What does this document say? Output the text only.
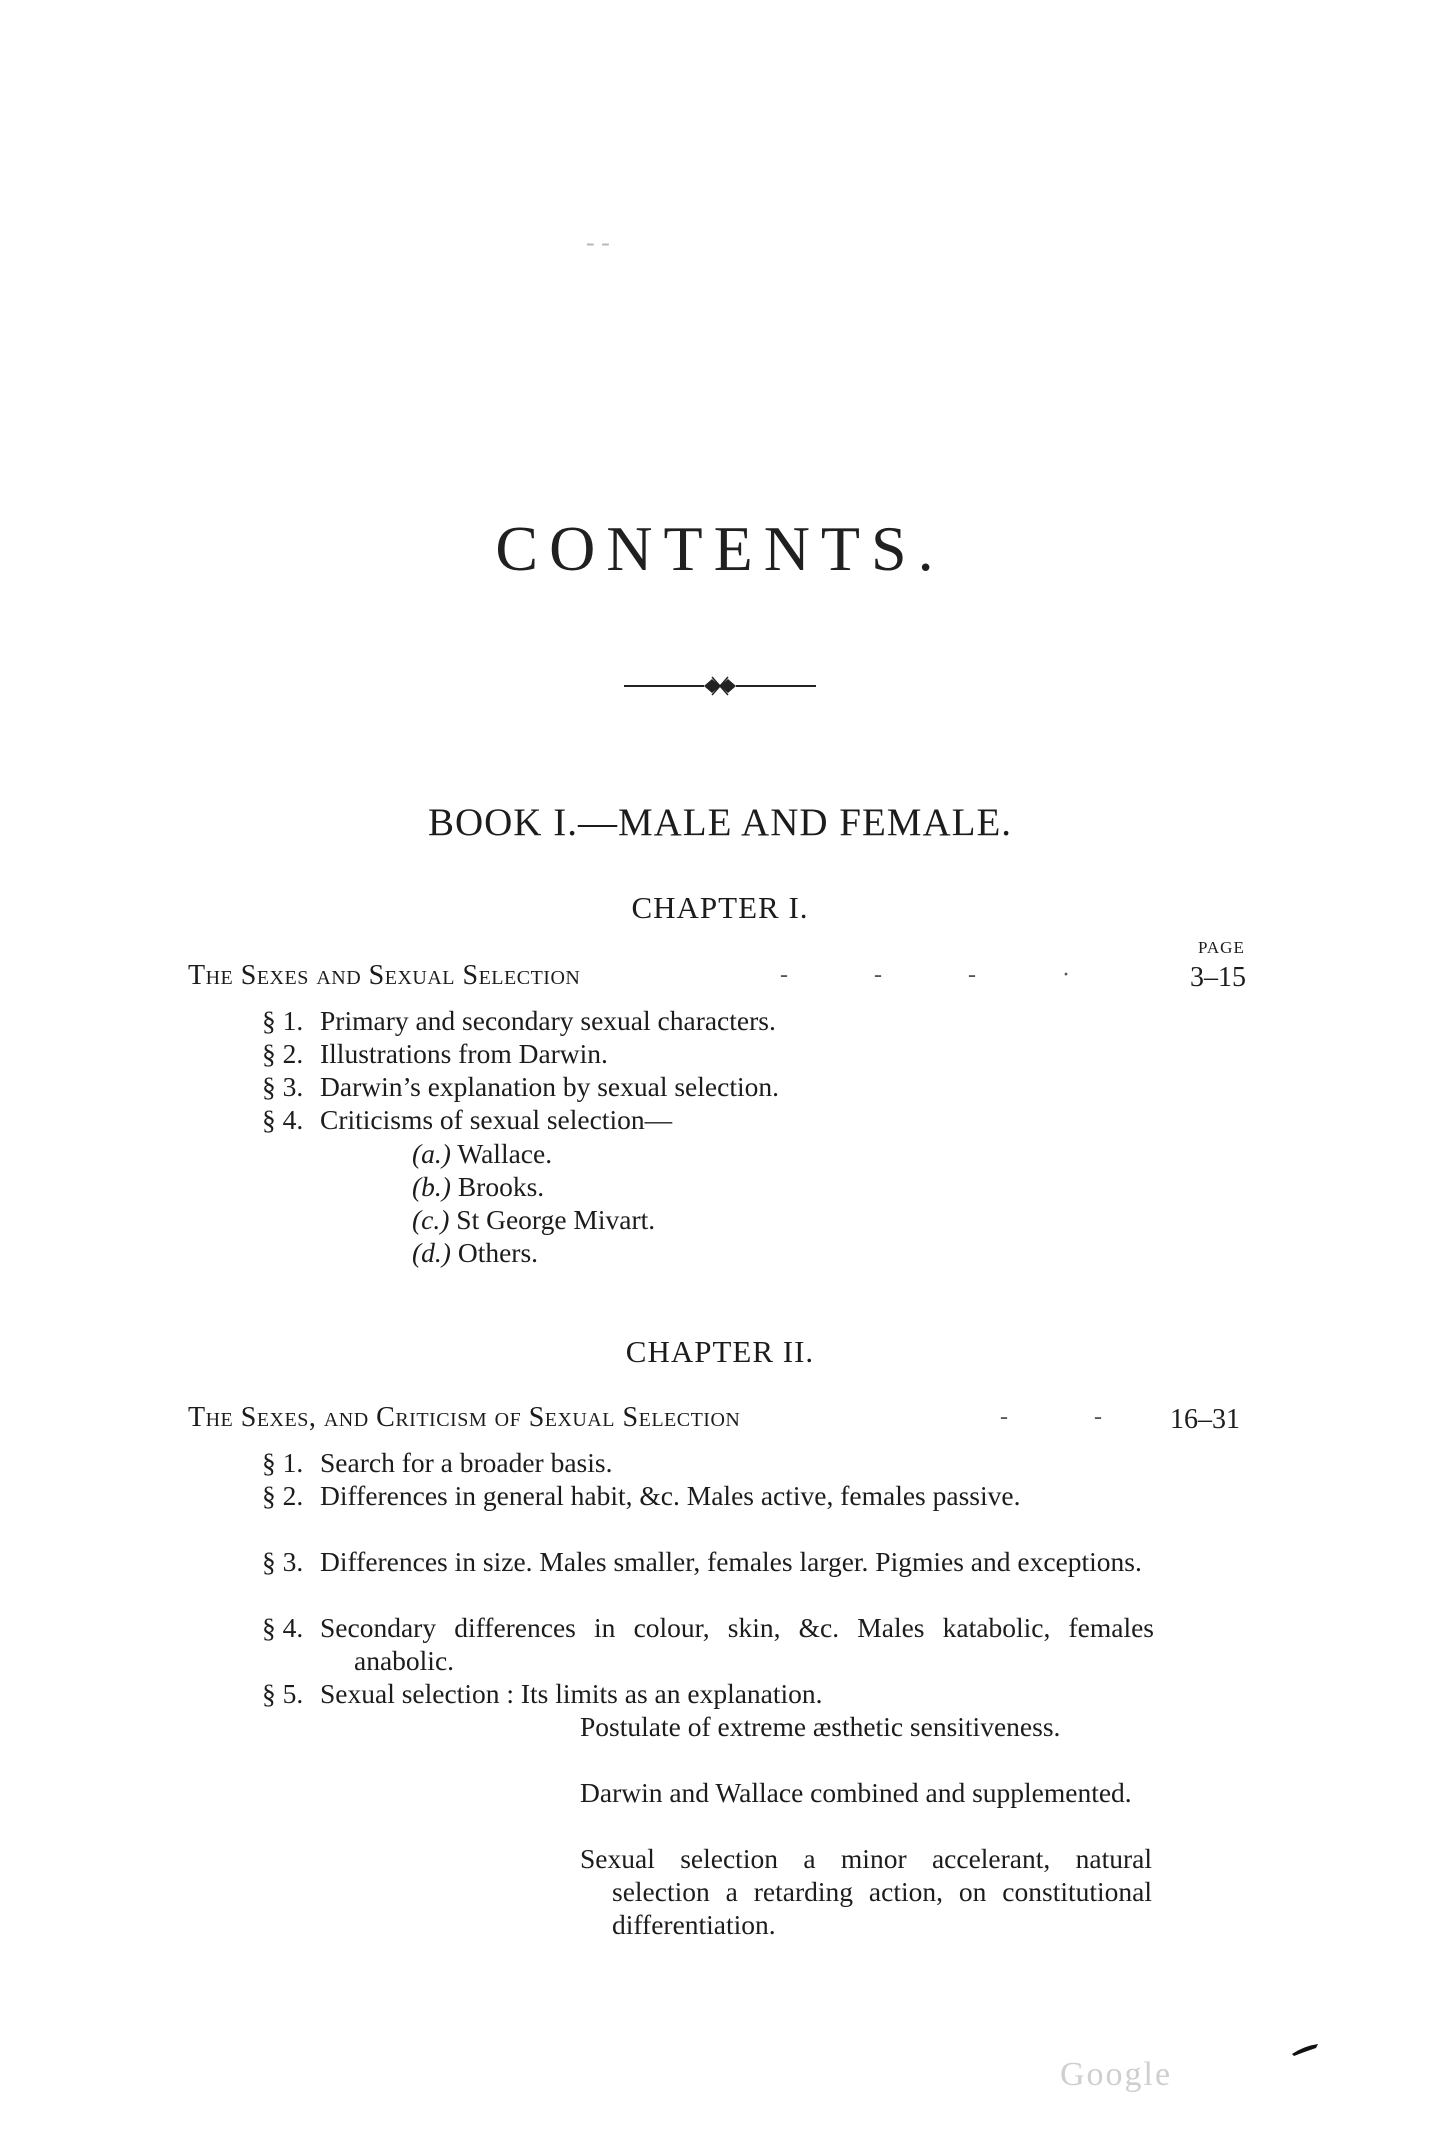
- -
CONTENTS.
BOOK I.—MALE AND FEMALE.
CHAPTER I.
PAGE
The Sexes and Sexual Selection	- - - ·	3–15
§ 1. Primary and secondary sexual characters.
§ 2. Illustrations from Darwin.
§ 3. Darwin’s explanation by sexual selection.
§ 4. Criticisms of sexual selection—
(a.) Wallace.
(b.) Brooks.
(c.) St George Mivart.
(d.) Others.
CHAPTER II.
The Sexes, and Criticism of Sexual Selection	- - 16–31
§ 1. Search for a broader basis.
§ 2. Differences in general habit, &c. Males active, females passive.
§ 3. Differences in size. Males smaller, females larger. Pigmies and exceptions.
§ 4. Secondary differences in colour, skin, &c. Males katabolic, females anabolic.
§ 5. Sexual selection : Its limits as an explanation.
Postulate of extreme æsthetic sensitiveness.
Darwin and Wallace combined and supplemented.
Sexual selection a minor accelerant, natural selection a retarding action, on constitutional differentiation.
Google
